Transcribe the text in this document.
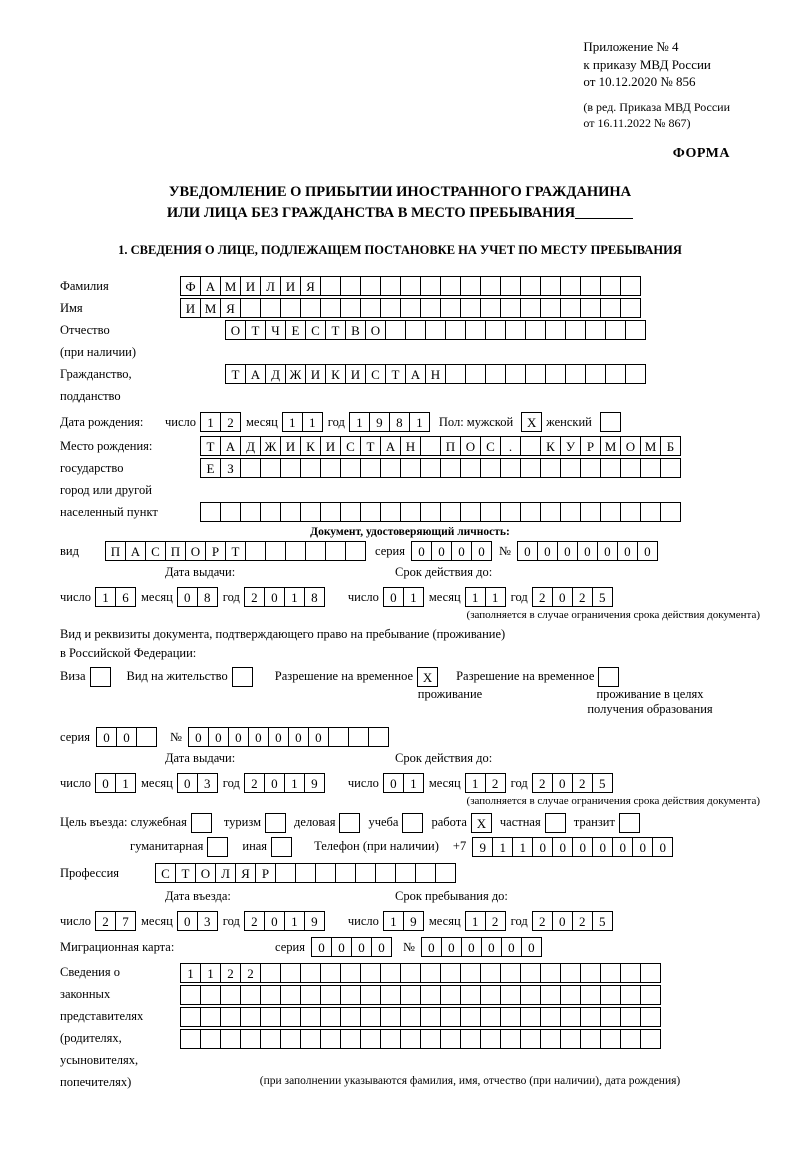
Приложение № 4
к приказу МВД России
от 10.12.2020 № 856
(в ред. Приказа МВД России
от 16.11.2022 № 867)
ФОРМА
УВЕДОМЛЕНИЕ О ПРИБЫТИИ ИНОСТРАННОГО ГРАЖДАНИНА
ИЛИ ЛИЦА БЕЗ ГРАЖДАНСТВА В МЕСТО ПРЕБЫВАНИЯ
1. СВЕДЕНИЯ О ЛИЦЕ, ПОДЛЕЖАЩЕМ ПОСТАНОВКЕ НА УЧЕТ ПО МЕСТУ ПРЕБЫВАНИЯ
Фамилия	Ф А М И Л И Я
Имя	И М Я
Отчество	О Т Ч Е С Т В О
(при наличии)
Гражданство,	Т А Д Ж И К И С Т А Н
подданство
Дата рождения:	число 1	2 месяц 1	1 год 1	9	8	1	Пол: мужской	X женский
Место рождения:	Т А Д Ж И К И С Т А Н	П О С	.	К У Р М О М Б
государство	Е З
город или другой
населенный пункт
Документ, удостоверяющий личность:
вид	П А С П О Р Т	серия	0	0	0	0	№	0	0	0	0	0	0	0
Дата выдачи:	Срок действия до:
число 1	6 месяц 0	8 год 2	0	1	8	число 0	1 месяц 1	1 год 2	0	2	5
(заполняется в случае ограничения срока действия документа)
Вид и реквизиты документа, подтверждающего право на пребывание (проживание)
в Российской Федерации:
Виза	Вид на жительство	Разрешение на временное X	Разрешение на временное
проживание	проживание в целях
получения образования
серия	0	0	№	0	0	0	0	0	0	0
Дата выдачи:	Срок действия до:
число 0	1 месяц 0	3 год 2	0	1	9	число 0	1 месяц 1	2 год 2	0	2	5
(заполняется в случае ограничения срока действия документа)
Цель въезда: служебная	туризм	деловая	учеба	работа X	частная	транзит
гуманитарная	иная	Телефон (при наличии)	+7	9	1	1	0	0	0	0	0	0	0
Профессия	С Т О Л Я Р
Дата въезда:	Срок пребывания до:
число 2	7 месяц 0	3 год 2	0	1	9	число 1	9 месяц 1	2 год 2	0	2	5
Миграционная карта:	серия	0	0	0	0	№	0	0	0	0	0	0
Сведения о	1	1	2	2
законных
представителях
(родителях,
усыновителях,
попечителях)	(при заполнении указываются фамилия, имя, отчество (при наличии), дата рождения)
